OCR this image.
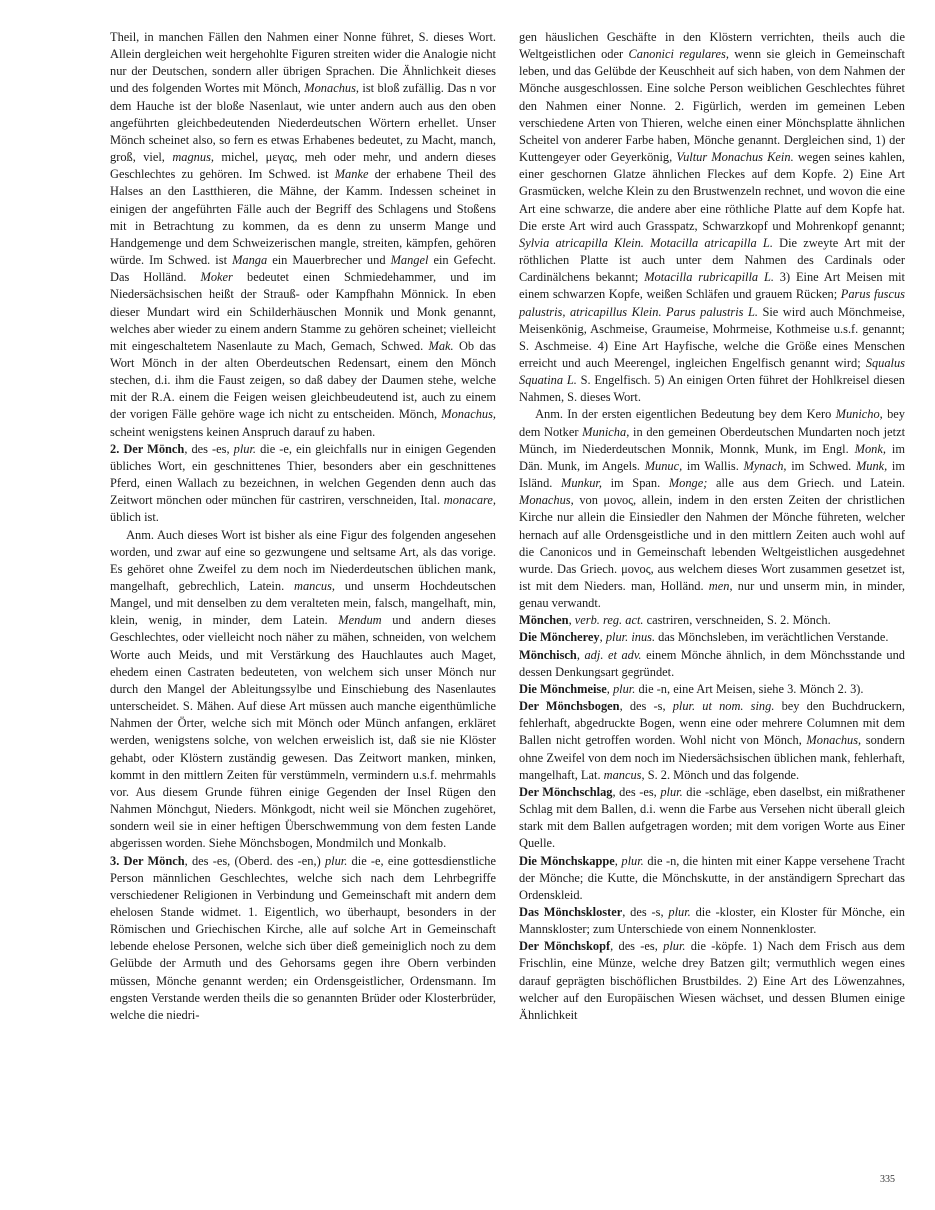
Theil, in manchen Fällen den Nahmen einer Nonne führet, S. dieses Wort. Allein dergleichen weit hergehohlte Figuren streiten wider die Analogie nicht nur der Deutschen, sondern aller übrigen Sprachen. Die Ähnlichkeit dieses und des folgenden Wortes mit Mönch, Monachus, ist bloß zufällig. Das n vor dem Hauche ist der bloße Nasenlaut, wie unter andern auch aus den oben angeführten gleichbedeutenden Niederdeutschen Wörtern erhellet. Unser Mönch scheinet also, so fern es etwas Erhabenes bedeutet, zu Macht, manch, groß, viel, magnus, michel, μεγας, meh oder mehr, und andern dieses Geschlechtes zu gehören. Im Schwed. ist Manke der erhabene Theil des Halses an den Lastthieren, die Mähne, der Kamm. Indessen scheinet in einigen der angeführten Fälle auch der Begriff des Schlagens und Stoßens mit in Betrachtung zu kommen, da es denn zu unserm Mange und Handgemenge und dem Schweizerischen mangle, streiten, kämpfen, gehören würde. Im Schwed. ist Manga ein Mauerbrecher und Mangel ein Gefecht. Das Holländ. Moker bedeutet einen Schmiedehammer, und im Niedersächsischen heißt der Strauß- oder Kampfhahn Mönnick. In eben dieser Mundart wird ein Schilderhäuschen Monnik und Monk genannt, welches aber wieder zu einem andern Stamme zu gehören scheinet; vielleicht mit eingeschaltetem Nasenlaute zu Mach, Gemach, Schwed. Mak. Ob das Wort Mönch in der alten Oberdeutschen Redensart, einem den Mönch stechen, d.i. ihm die Faust zeigen, so daß dabey der Daumen stehe, welche mit der R.A. einem die Feigen weisen gleichbeudeutend ist, auch zu einem der vorigen Fälle gehöre wage ich nicht zu entscheiden. Mönch, Monachus, scheint wenigstens keinen Anspruch darauf zu haben.

2. Der Mönch, des -es, plur. die -e, ein gleichfalls nur in einigen Gegenden übliches Wort, ein geschnittenes Thier, besonders aber ein geschnittenes Pferd, einen Wallach zu bezeichnen, in welchen Gegenden denn auch das Zeitwort mönchen oder münchen für castriren, verschneiden, Ital. monacare, üblich ist.

Anm. Auch dieses Wort ist bisher als eine Figur des folgenden angesehen worden, und zwar auf eine so gezwungene und seltsame Art, als das vorige. Es gehöret ohne Zweifel zu dem noch im Niederdeutschen üblichen mank, mangelhaft, gebrechlich, Latein. mancus, und unserm Hochdeutschen Mangel, und mit denselben zu dem veralteten mein, falsch, mangelhaft, min, klein, wenig, in minder, dem Latein. Mendum und andern dieses Geschlechtes, oder vielleicht noch näher zu mähen, schneiden, von welchem Worte auch Meids, und mit Verstärkung des Hauchlautes auch Maget, ehedem einen Castraten bedeuteten, von welchem sich unser Mönch nur durch den Mangel der Ableitungssylbe und Einschiebung des Nasenlautes unterscheidet. S. Mähen. Auf diese Art müssen auch manche eigenthümliche Nahmen der Örter, welche sich mit Mönch oder Münch anfangen, erkläret werden, wenigstens solche, von welchen erweislich ist, daß sie nie Klöster gehabt, oder Klöstern zuständig gewesen. Das Zeitwort manken, minken, kommt in den mittlern Zeiten für verstümmeln, vermindern u.s.f. mehrmahls vor. Aus diesem Grunde führen einige Gegenden der Insel Rügen den Nahmen Mönchgut, Nieders. Mönkgodt, nicht weil sie Mönchen zugehöret, sondern weil sie in einer heftigen Überschwemmung von dem festen Lande abgerissen worden. Siehe Mönchsbogen, Mondmilch und Monkalb.

3. Der Mönch, des -es, (Oberd. des -en,) plur. die -e, eine gottesdienstliche Person männlichen Geschlechtes, welche sich nach dem Lehrbegriffe verschiedener Religionen in Verbindung und Gemeinschaft mit andern dem ehelosen Stande widmet. 1. Eigentlich, wo überhaupt, besonders in der Römischen und Griechischen Kirche, alle auf solche Art in Gemeinschaft lebende ehelose Personen, welche sich über dieß gemeiniglich noch zu dem Gelübde der Armuth und des Gehorsams gegen ihre Obern verbinden müssen, Mönche genannt werden; ein Ordensgeistlicher, Ordensmann. Im engsten Verstande werden theils die so genannten Brüder oder Klosterbrüder, welche die niedri-

gen häuslichen Geschäfte in den Klöstern verrichten, theils auch die Weltgeistlichen oder Canonici regulares, wenn sie gleich in Gemeinschaft leben, und das Gelübde der Keuschheit auf sich haben, von dem Nahmen der Mönche ausgeschlossen. Eine solche Person weiblichen Geschlechtes führet den Nahmen einer Nonne. 2. Figürlich, werden im gemeinen Leben verschiedene Arten von Thieren, welche einen einer Mönchsplatte ähnlichen Scheitel von anderer Farbe haben, Mönche genannt. Dergleichen sind, 1) der Kuttengeyer oder Geyerkönig, Vultur Monachus Kein. wegen seines kahlen, einer geschornen Glatze ähnlichen Fleckes auf dem Kopfe. 2) Eine Art Grasmücken, welche Klein zu den Brustwenzeln rechnet, und wovon die eine Art eine schwarze, die andere aber eine röthliche Platte auf dem Kopfe hat. Die erste Art wird auch Grasspatz, Schwarzkopf und Mohrenkopf genannt; Sylvia atricapilla Klein. Motacilla atricapilla L. Die zweyte Art mit der röthlichen Platte ist auch unter dem Nahmen des Cardinals oder Cardinälchens bekannt; Motacilla rubricapilla L. 3) Eine Art Meisen mit einem schwarzen Kopfe, weißen Schläfen und grauem Rücken; Parus fuscus palustris, atricapillus Klein. Parus palustris L. Sie wird auch Mönchmeise, Meisenkönig, Aschmeise, Graumeise, Mohrmeise, Kothmeise u.s.f. genannt; S. Aschmeise. 4) Eine Art Hayfische, welche die Größe eines Menschen erreicht und auch Meerengel, ingleichen Engelfisch genannt wird; Squalus Squatina L. S. Engelfisch. 5) An einigen Orten führet der Hohlkreisel diesen Nahmen, S. dieses Wort.

Anm. In der ersten eigentlichen Bedeutung bey dem Kero Municho, bey dem Notker Municha, in den gemeinen Oberdeutschen Mundarten noch jetzt Münch, im Niederdeutschen Monnik, Monnk, Munk, im Engl. Monk, im Dän. Munk, im Angels. Munuc, im Wallis. Mynach, im Schwed. Munk, im Isländ. Munkur, im Span. Monge; alle aus dem Griech. und Latein. Monachus, von μονος, allein, indem in den ersten Zeiten der christlichen Kirche nur allein die Einsiedler den Nahmen der Mönche führeten, welcher hernach auf alle Ordensgeistliche und in den mittlern Zeiten auch wohl auf die Canonicos und in Gemeinschaft lebenden Weltgeistlichen ausgedehnet wurde. Das Griech. μονος, aus welchem dieses Wort zusammen gesetzet ist, ist mit dem Nieders. man, Holländ. men, nur und unserm min, in minder, genau verwandt.

Mönchen, verb. reg. act. castriren, verschneiden, S. 2. Mönch.

Die Möncherey, plur. inus. das Mönchsleben, im verächtlichen Verstande.

Mönchisch, adj. et adv. einem Mönche ähnlich, in dem Mönchsstande und dessen Denkungsart gegründet.

Die Mönchmeise, plur. die -n, eine Art Meisen, siehe 3. Mönch 2. 3).

Der Mönchsbogen, des -s, plur. ut nom. sing. bey den Buchdruckern, fehlerhaft, abgedruckte Bogen, wenn eine oder mehrere Columnen mit dem Ballen nicht getroffen worden. Wohl nicht von Mönch, Monachus, sondern ohne Zweifel von dem noch im Niedersächsischen üblichen mank, fehlerhaft, mangelhaft, Lat. mancus, S. 2. Mönch und das folgende.

Der Mönchschlag, des -es, plur. die -schläge, eben daselbst, ein mißrathener Schlag mit dem Ballen, d.i. wenn die Farbe aus Versehen nicht überall gleich stark mit dem Ballen aufgetragen worden; mit dem vorigen Worte aus Einer Quelle.

Die Mönchskappe, plur. die -n, die hinten mit einer Kappe versehene Tracht der Mönche; die Kutte, die Mönchskutte, in der anständigern Sprechart das Ordenskleid.

Das Mönchskloster, des -s, plur. die -kloster, ein Kloster für Mönche, ein Mannskloster; zum Unterschiede von einem Nonnenkloster.

Der Mönchskopf, des -es, plur. die -köpfe. 1) Nach dem Frisch aus dem Frischlin, eine Münze, welche drey Batzen gilt; vermuthlich wegen eines darauf geprägten bischöflichen Brustbildes. 2) Eine Art des Löwenzahnes, welcher auf den Europäischen Wiesen wächset, und dessen Blumen einige Ähnlichkeit

335
